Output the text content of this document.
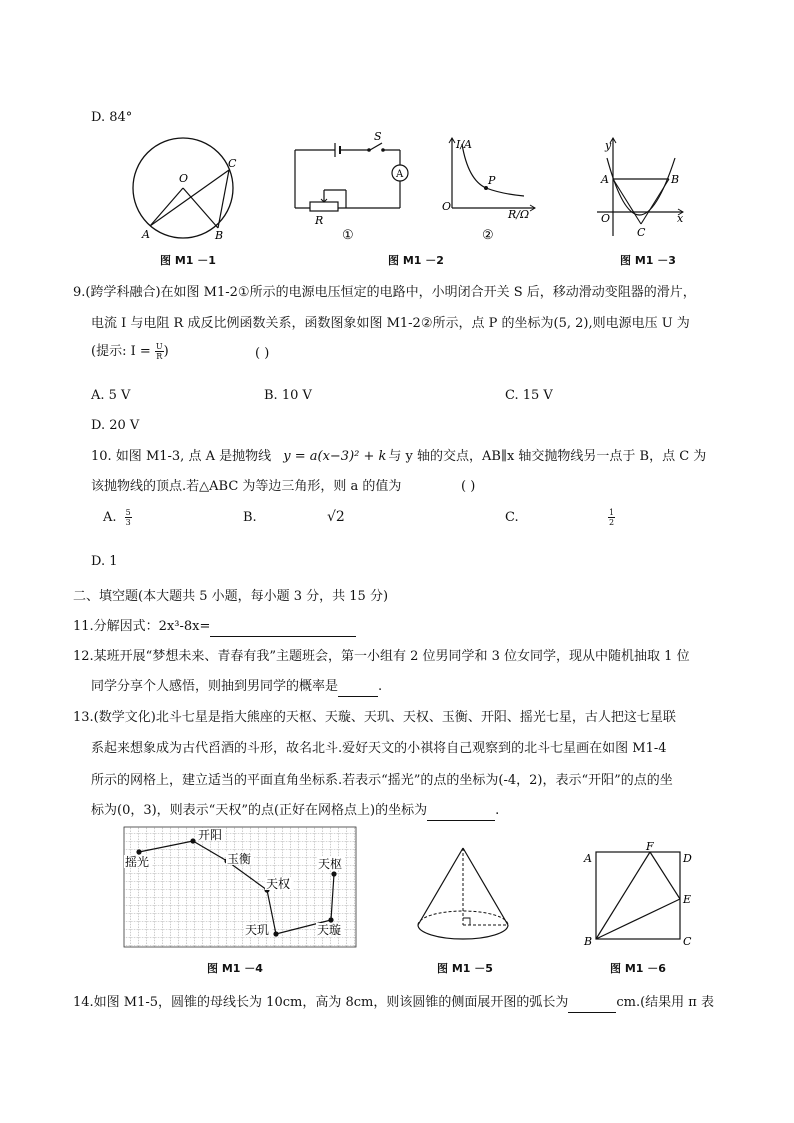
D. 84°
O
A	B
C
图 M1 －1
A
S
R
①
P
I/A
R/Ω
O
②
图 M1 －2
y
x
O
A	B
C
图 M1 －3
9.(跨学科融合)在如图 M1-2①所示的电源电压恒定的电路中，小明闭合开关 S 后，移动滑动变阻器的滑片，
电流 I 与电阻 R 成反比例函数关系，函数图象如图 M1-2②所示，点 P 的坐标为(5, 2),则电源电压 U 为
(提示: $I = \frac{U}{R}$ )	( )
A. 5 V	B. 10 V	C. 15 V
D. 20 V
10. 如图 M1-3, 点 A 是抛物线 y = a(x−3)² + k 与 y 轴的交点，AB∥x 轴交抛物线另一点于 B，点 C 为
该抛物线的顶点.若△ABC 为等边三角形，则 a 的值为	( )
A. $\frac{5}{3}$	B.	√2	C.	$\frac{1}{2}$
D. 1
二、填空题(本大题共 5 小题，每小题 3 分，共 15 分)
11.分解因式：2x³-8x=
12.某班开展“梦想未来、青春有我”主题班会，第一小组有 2 位男同学和 3 位女同学，现从中随机抽取 1 位
同学分享个人感悟，则抽到男同学的概率是	.
13.(数学文化)北斗七星是指大熊座的天枢、天璇、天玑、天权、玉衡、开阳、摇光七星，古人把这七星联
系起来想象成为古代舀酒的斗形，故名北斗.爱好天文的小祺将自己观察到的北斗七星画在如图 M1-4
所示的网格上，建立适当的平面直角坐标系.若表示“摇光”的点的坐标为(-4，2)，表示“开阳”的点的坐
标为(0，3)，则表示“天权”的点(正好在网格点上)的坐标为	.
摇光
开阳
玉衡
天权
天玑	天璇
天枢
图 M1 －4	图 M1 －5
A
F
D
E
B	C
图 M1 －6
14.如图 M1-5，圆锥的母线长为 10cm，高为 8cm，则该圆锥的侧面展开图的弧长为	cm.(结果用 π 表
